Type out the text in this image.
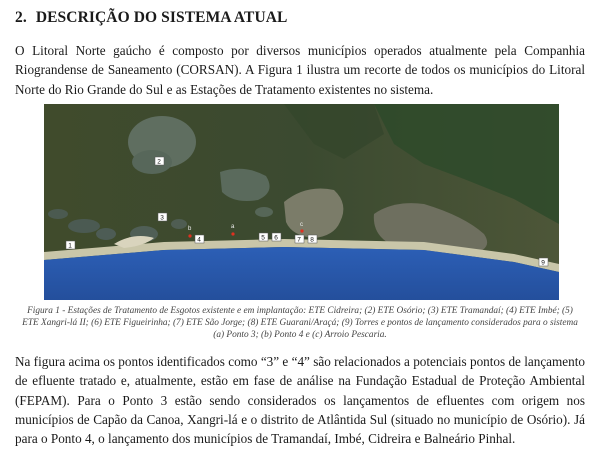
2. DESCRIÇÃO DO SISTEMA ATUAL

O Litoral Norte gaúcho é composto por diversos municípios operados atualmente pela Companhia Riograndense de Saneamento (CORSAN). A Figura 1 ilustra um recorte de todos os municípios do Litoral Norte do Rio Grande do Sul e as Estações de Tratamento existentes no sistema.

b	a	c
1
2
3
4	5 6	7 8
9

Figura 1 - Estações de Tratamento de Esgotos existente e em implantação: ETE Cidreira; (2) ETE Osório; (3) ETE Tramandaí; (4) ETE Imbé; (5) ETE Xangri-lá II; (6) ETE Figueirinha; (7) ETE São Jorge; (8) ETE Guarani/Araçá; (9) Torres e pontos de lançamento considerados para o sistema (a) Ponto 3; (b) Ponto 4 e (c) Arroio Pescaria.

Na figura acima os pontos identificados como “3” e “4” são relacionados a potenciais pontos de lançamento de efluente tratado e, atualmente, estão em fase de análise na Fundação Estadual de Proteção Ambiental (FEPAM). Para o Ponto 3 estão sendo considerados os lançamentos de efluentes com origem nos municípios de Capão da Canoa, Xangri-lá e o distrito de Atlântida Sul (situado no município de Osório). Já para o Ponto 4, o lançamento dos municípios de Tramandaí, Imbé, Cidreira e Balneário Pinhal.
